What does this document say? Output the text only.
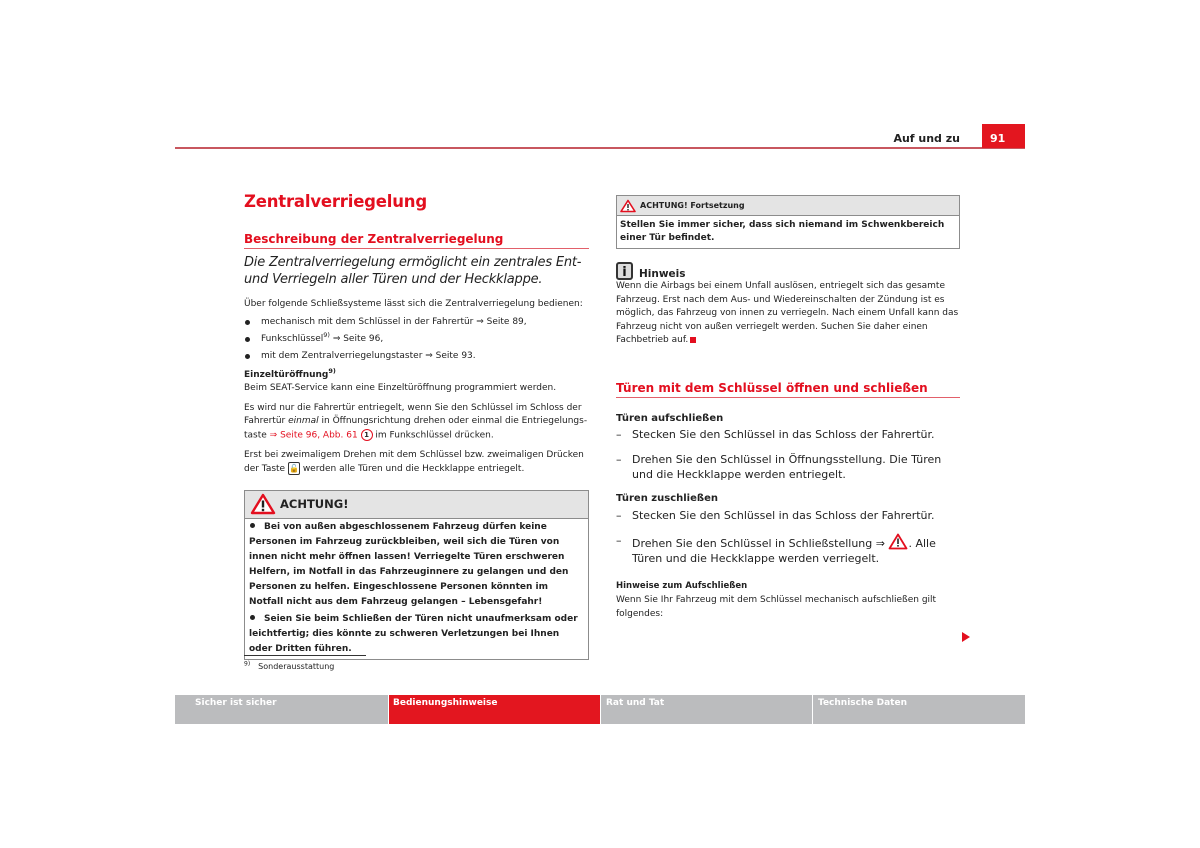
Auf und zu	91
Zentralverriegelung
Beschreibung der Zentralverriegelung
Die Zentralverriegelung ermöglicht ein zentrales Ent- und Verriegeln aller Türen und der Heckklappe.
Über folgende Schließsysteme lässt sich die Zentralverriegelung bedienen:
mechanisch mit dem Schlüssel in der Fahrertür ⇒ Seite 89,
Funkschlüssel$^{9)}$ ⇒ Seite 96,
mit dem Zentralverriegelungstaster ⇒ Seite 93.
Einzeltüröffnung$^{9)}$
Beim SEAT-Service kann eine Einzeltüröffnung programmiert werden.
Es wird nur die Fahrertür entriegelt, wenn Sie den Schlüssel im Schloss der Fahrertür einmal in Öffnungsrichtung drehen oder einmal die Entriegelungs-taste ⇒ Seite 96, Abb. 61 1 im Funkschlüssel drücken.
Erst bei zweimaligem Drehen mit dem Schlüssel bzw. zweimaligen Drücken der Taste 🔓 werden alle Türen und die Heckklappe entriegelt.
ACHTUNG!

Bei von außen abgeschlossenem Fahrzeug dürfen keine Personen im Fahrzeug zurückbleiben, weil sich die Türen von innen nicht mehr öffnen lassen! Verriegelte Türen erschweren Helfern, im Notfall in das Fahrzeuginnere zu gelangen und den Personen zu helfen. Eingeschlossene Personen könnten im Notfall nicht aus dem Fahrzeug gelangen – Lebensgefahr!

Seien Sie beim Schließen der Türen nicht unaufmerksam oder leichtfertig; dies könnte zu schweren Verletzungen bei Ihnen oder Dritten führen.

$^{9)}$ Sonderausstattung
ACHTUNG! Fortsetzung
Stellen Sie immer sicher, dass sich niemand im Schwenkbereich einer Tür befindet.
i	Hinweis
Wenn die Airbags bei einem Unfall auslösen, entriegelt sich das gesamte Fahrzeug. Erst nach dem Aus- und Wiedereinschalten der Zündung ist es möglich, das Fahrzeug von innen zu verriegeln. Nach einem Unfall kann das Fahrzeug nicht von außen verriegelt werden. Suchen Sie daher einen Fachbetrieb auf.
Türen mit dem Schlüssel öffnen und schließen
Türen aufschließen
– Stecken Sie den Schlüssel in das Schloss der Fahrertür.
– Drehen Sie den Schlüssel in Öffnungsstellung. Die Türen und die Heckklappe werden entriegelt.
Türen zuschließen
– Stecken Sie den Schlüssel in das Schloss der Fahrertür.
– Drehen Sie den Schlüssel in Schließstellung ⇒ . Alle Türen und die Heckklappe werden verriegelt.
Hinweise zum Aufschließen
Wenn Sie Ihr Fahrzeug mit dem Schlüssel mechanisch aufschließen gilt folgendes:
Sicher ist sicher	Bedienungshinweise	Rat und Tat	Technische Daten
